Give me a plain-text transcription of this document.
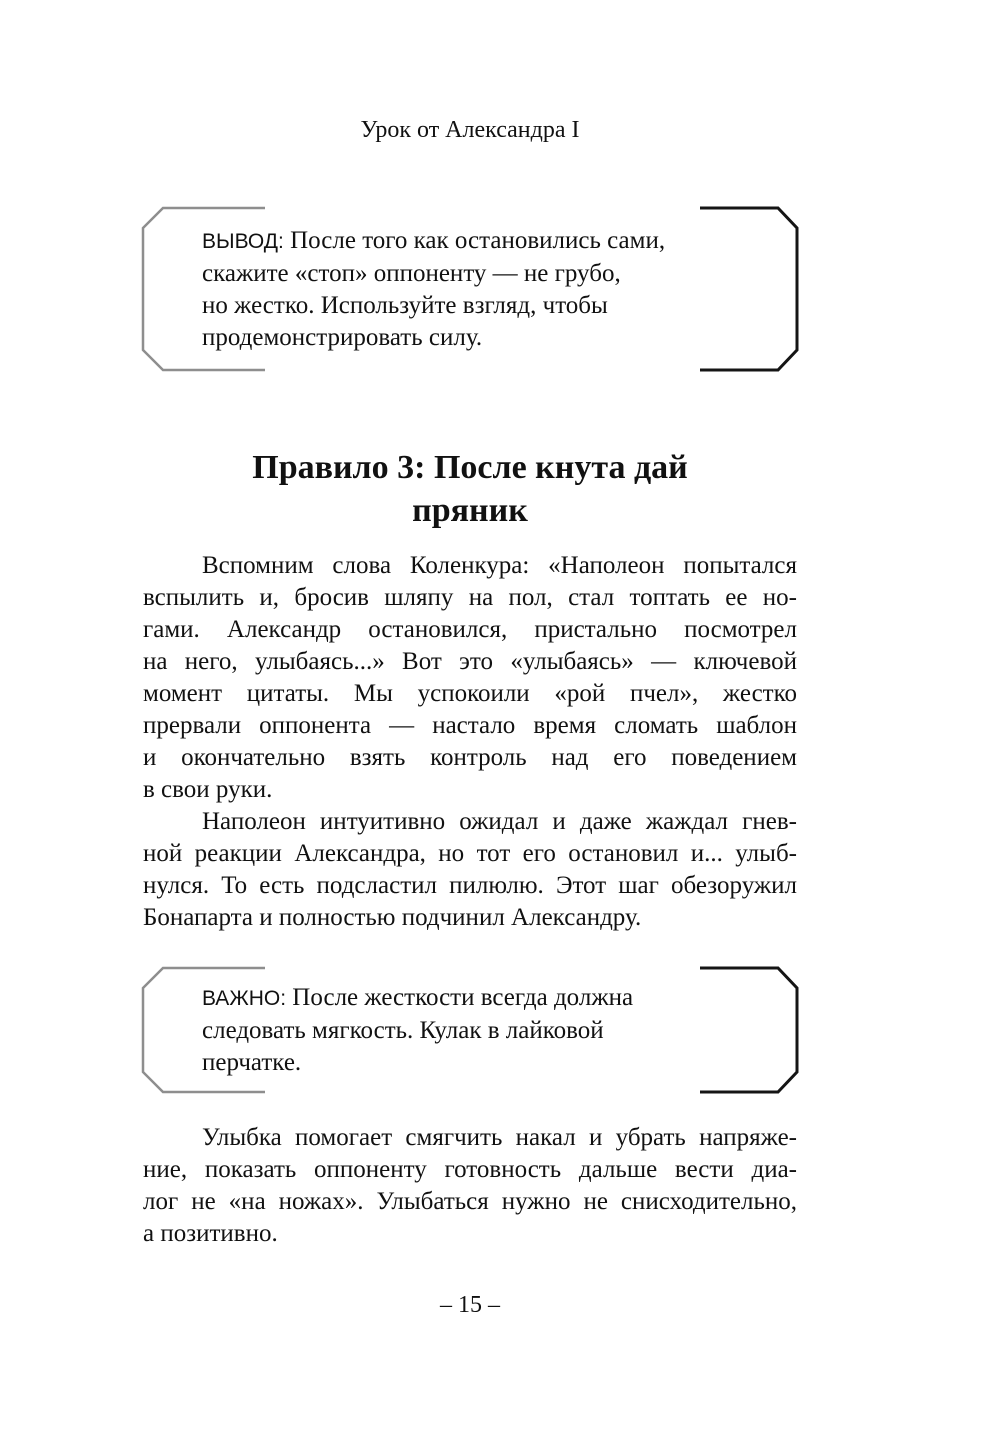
Урок от Александра I
ВЫВОД: После того как остановились сами,
скажите «стоп» оппоненту — не грубо,
но жестко. Используйте взгляд, чтобы
продемонстрировать силу.
Правило 3: После кнута дай
пряник
Вспомним слова Коленкура: «Наполеон попытался
вспылить и, бросив шляпу на пол, стал топтать ее но-
гами. Александр остановился, пристально посмотрел
на него, улыбаясь...» Вот это «улыбаясь» — ключевой
момент цитаты. Мы успокоили «рой пчел», жестко
прервали оппонента — настало время сломать шаблон
и окончательно взять контроль над его поведением
в свои руки.
Наполеон интуитивно ожидал и даже жаждал гнев-
ной реакции Александра, но тот его остановил и... улыб-
нулся. То есть подсластил пилюлю. Этот шаг обезоружил
Бонапарта и полностью подчинил Александру.
ВАЖНО: После жесткости всегда должна
следовать мягкость. Кулак в лайковой
перчатке.
Улыбка помогает смягчить накал и убрать напряже-
ние, показать оппоненту готовность дальше вести диа-
лог не «на ножах». Улыбаться нужно не снисходительно,
а позитивно.
– 15 –
